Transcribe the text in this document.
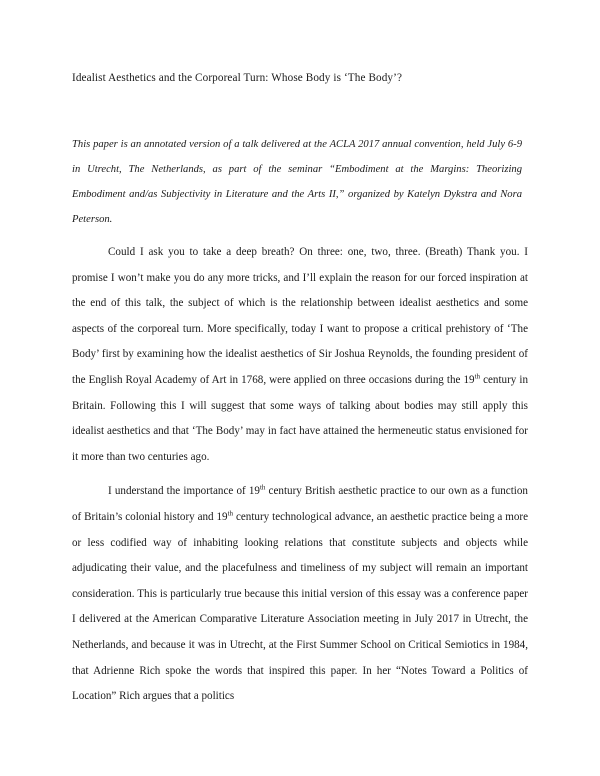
Idealist Aesthetics and the Corporeal Turn: Whose Body is ‘The Body’?
This paper is an annotated version of a talk delivered at the ACLA 2017 annual convention, held July 6-9 in Utrecht, The Netherlands, as part of the seminar “Embodiment at the Margins: Theorizing Embodiment and/as Subjectivity in Literature and the Arts II,” organized by Katelyn Dykstra and Nora Peterson.

Could I ask you to take a deep breath? On three: one, two, three. (Breath) Thank you. I promise I won’t make you do any more tricks, and I’ll explain the reason for our forced inspiration at the end of this talk, the subject of which is the relationship between idealist aesthetics and some aspects of the corporeal turn. More specifically, today I want to propose a critical prehistory of ‘The Body’ first by examining how the idealist aesthetics of Sir Joshua Reynolds, the founding president of the English Royal Academy of Art in 1768, were applied on three occasions during the 19th century in Britain. Following this I will suggest that some ways of talking about bodies may still apply this idealist aesthetics and that ‘The Body’ may in fact have attained the hermeneutic status envisioned for it more than two centuries ago.

I understand the importance of 19th century British aesthetic practice to our own as a function of Britain’s colonial history and 19th century technological advance, an aesthetic practice being a more or less codified way of inhabiting looking relations that constitute subjects and objects while adjudicating their value, and the placefulness and timeliness of my subject will remain an important consideration. This is particularly true because this initial version of this essay was a conference paper I delivered at the American Comparative Literature Association meeting in July 2017 in Utrecht, the Netherlands, and because it was in Utrecht, at the First Summer School on Critical Semiotics in 1984, that Adrienne Rich spoke the words that inspired this paper. In her “Notes Toward a Politics of Location” Rich argues that a politics
